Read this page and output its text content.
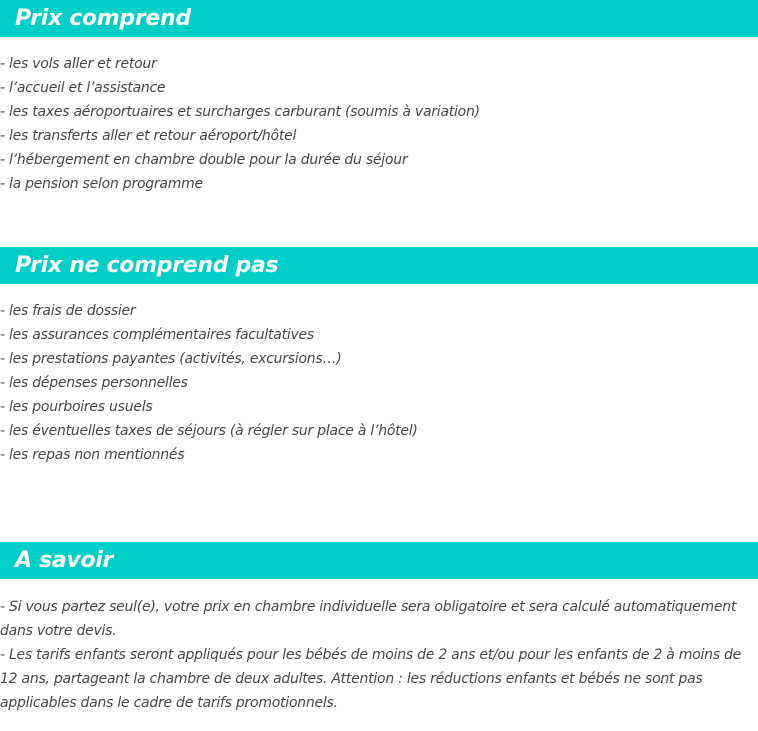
Prix comprend
- les vols aller et retour
- l’accueil et l’assistance
- les taxes aéroportuaires et surcharges carburant (soumis à variation)
- les transferts aller et retour aéroport/hôtel
- l’hébergement en chambre double pour la durée du séjour
- la pension selon programme
Prix ne comprend pas
- les frais de dossier
- les assurances complémentaires facultatives
- les prestations payantes (activités, excursions…)
- les dépenses personnelles
- les pourboires usuels
- les éventuelles taxes de séjours (à régler sur place à l’hôtel)
- les repas non mentionnés
A savoir

- Si vous partez seul(e), votre prix en chambre individuelle sera obligatoire et sera calculé automatiquement dans votre devis.

- Les tarifs enfants seront appliqués pour les bébés de moins de 2 ans et/ou pour les enfants de 2 à moins de 12 ans, partageant la chambre de deux adultes. Attention : les réductions enfants et bébés ne sont pas applicables dans le cadre de tarifs promotionnels.
